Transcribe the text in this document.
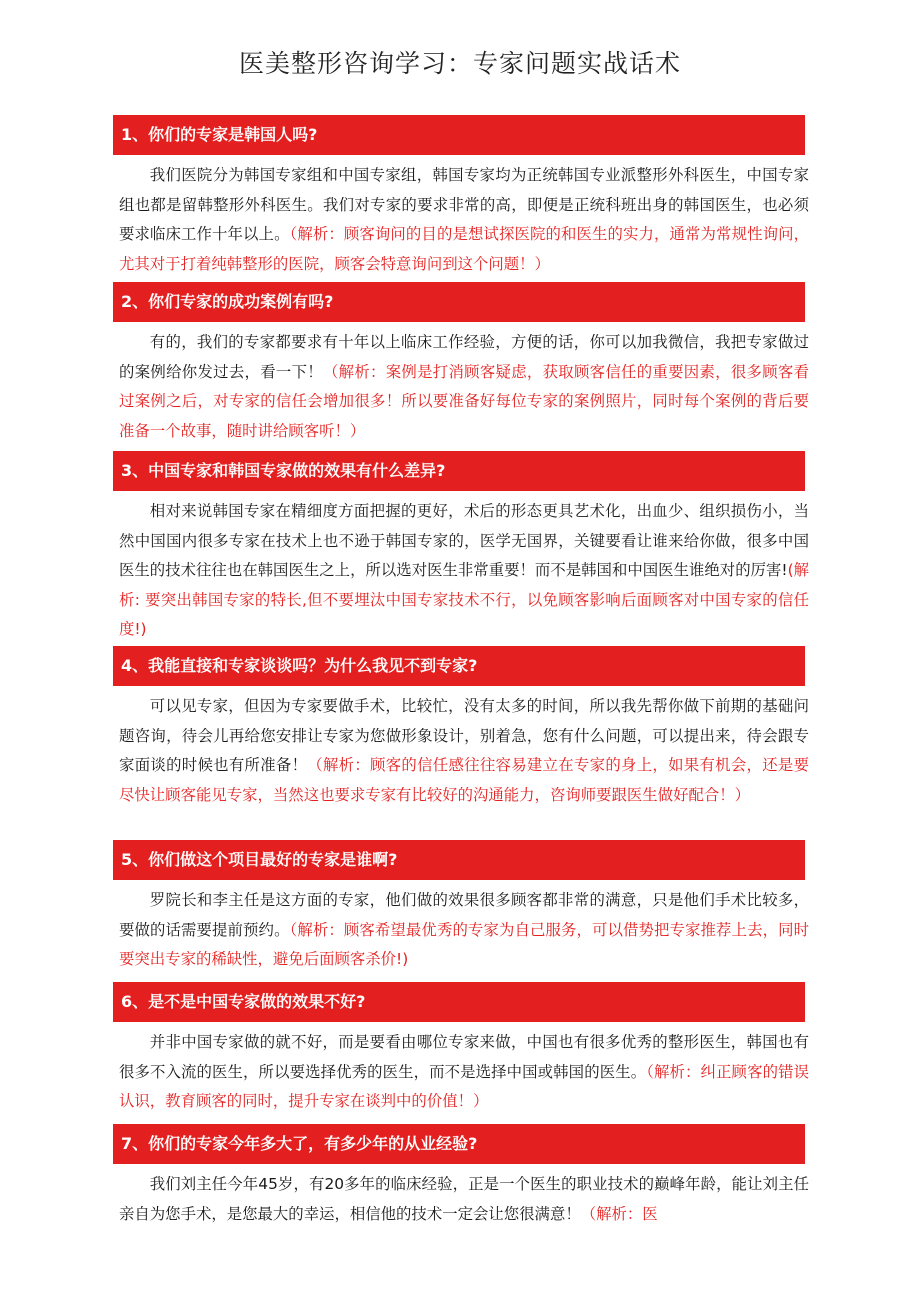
医美整形咨询学习：专家问题实战话术
1、你们的专家是韩国人吗?
我们医院分为韩国专家组和中国专家组，韩国专家均为正统韩国专业派整形外科医生，中国专家组也都是留韩整形外科医生。我们对专家的要求非常的高，即便是正统科班出身的韩国医生，也必须要求临床工作十年以上。（解析：顾客询问的目的是想试探医院的和医生的实力，通常为常规性询问，尤其对于打着纯韩整形的医院，顾客会特意询问到这个问题！）
2、你们专家的成功案例有吗?
有的，我们的专家都要求有十年以上临床工作经验，方便的话，你可以加我微信，我把专家做过的案例给你发过去，看一下！（解析：案例是打消顾客疑虑，获取顾客信任的重要因素，很多顾客看过案例之后，对专家的信任会增加很多！所以要准备好每位专家的案例照片，同时每个案例的背后要准备一个故事，随时讲给顾客听！）
3、中国专家和韩国专家做的效果有什么差异?
相对来说韩国专家在精细度方面把握的更好，术后的形态更具艺术化，出血少、组织损伤小，当然中国国内很多专家在技术上也不逊于韩国专家的，医学无国界，关键要看让谁来给你做，很多中国医生的技术往往也在韩国医生之上，所以选对医生非常重要！而不是韩国和中国医生谁绝对的厉害!(解析: 要突出韩国专家的特长,但不要埋汰中国专家技术不行，以免顾客影响后面顾客对中国专家的信任度!)
4、我能直接和专家谈谈吗？为什么我见不到专家?
可以见专家，但因为专家要做手术，比较忙，没有太多的时间，所以我先帮你做下前期的基础问题咨询，待会儿再给您安排让专家为您做形象设计，别着急，您有什么问题，可以提出来，待会跟专家面谈的时候也有所准备！（解析：顾客的信任感往往容易建立在专家的身上，如果有机会，还是要尽快让顾客能见专家，当然这也要求专家有比较好的沟通能力，咨询师要跟医生做好配合！）
5、你们做这个项目最好的专家是谁啊?
罗院长和李主任是这方面的专家，他们做的效果很多顾客都非常的满意，只是他们手术比较多，要做的话需要提前预约。（解析：顾客希望最优秀的专家为自己服务，可以借势把专家推荐上去，同时要突出专家的稀缺性，避免后面顾客杀价!)
6、是不是中国专家做的效果不好?
并非中国专家做的就不好，而是要看由哪位专家来做，中国也有很多优秀的整形医生，韩国也有很多不入流的医生，所以要选择优秀的医生，而不是选择中国或韩国的医生。（解析：纠正顾客的错误认识，教育顾客的同时，提升专家在谈判中的价值！）
7、你们的专家今年多大了，有多少年的从业经验?
我们刘主任今年45岁，有20多年的临床经验，正是一个医生的职业技术的巅峰年龄，能让刘主任亲自为您手术，是您最大的幸运，相信他的技术一定会让您很满意！（解析：医
